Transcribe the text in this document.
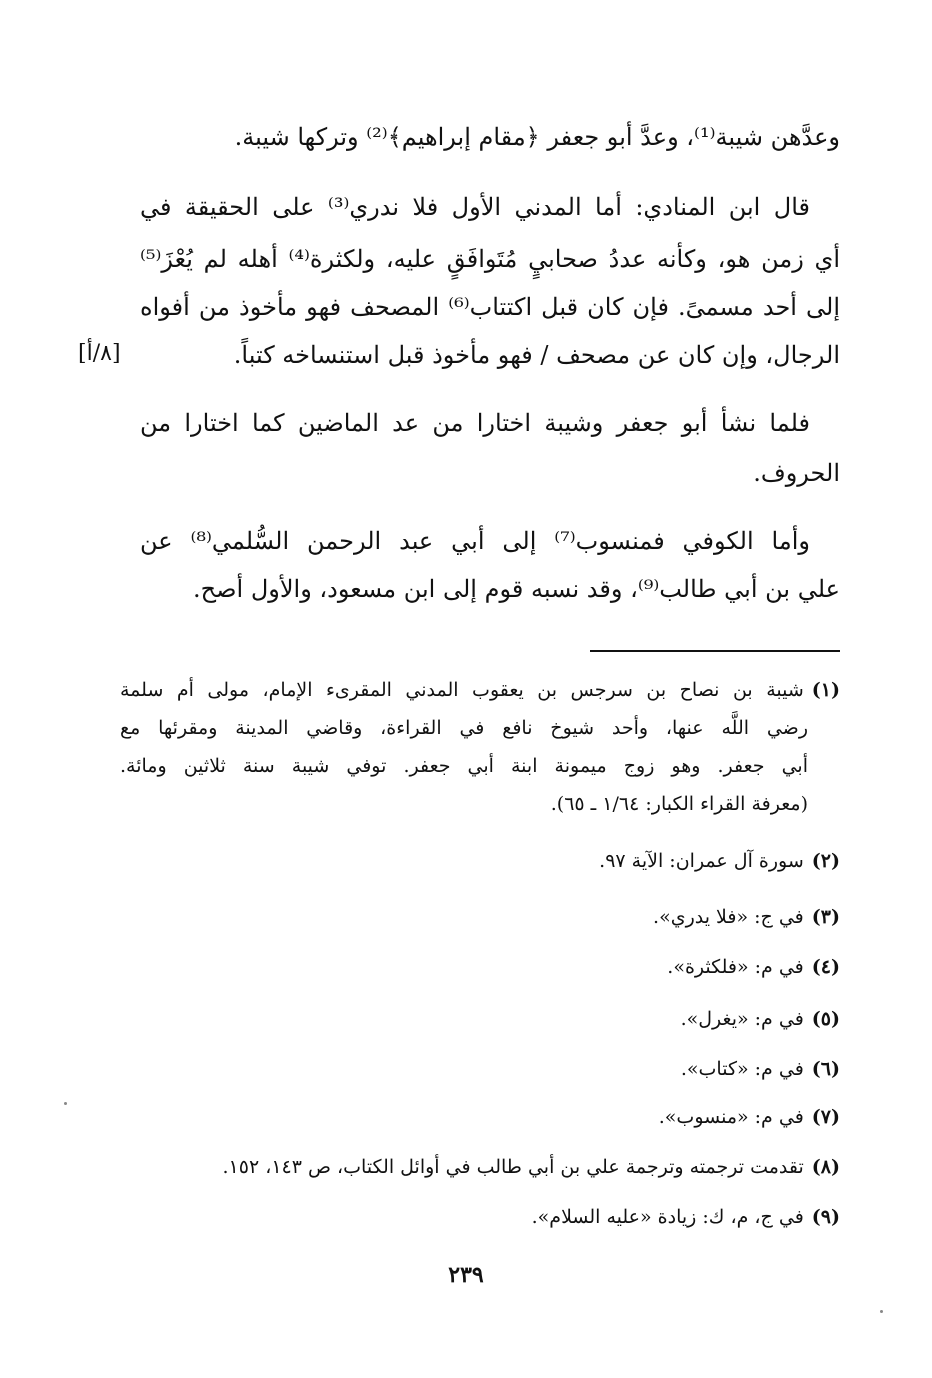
وعدَّهن شيبة⁽¹⁾، وعدَّ أبو جعفر ﴿مقام إبراهيم﴾⁽²⁾ وتركها شيبة.
قال ابن المنادي: أما المدني الأول فلا ندري⁽³⁾ على الحقيقة في
أي زمن هو، وكأنه عددُ صحابيٍ مُتَوافَقٍ عليه، ولكثرة⁽⁴⁾ أهله لم يُعْزَ⁽⁵⁾
إلى أحد مسمىً. فإن كان قبل اكتتاب⁽⁶⁾ المصحف فهو مأخوذ من أفواه
الرجال، وإن كان عن مصحف / فهو مأخوذ قبل استنساخه كتباً.
فلما نشأ أبو جعفر وشيبة اختارا من عد الماضين كما اختارا من
الحروف.
وأما الكوفي فمنسوب⁽⁷⁾ إلى أبي عبد الرحمن السُّلمي⁽⁸⁾ عن
علي بن أبي طالب⁽⁹⁾، وقد نسبه قوم إلى ابن مسعود، والأول أصح.
[٨/أ]
(١)شيبة بن نصاح بن سرجس بن يعقوب المدني المقرىء الإمام، مولى أم سلمة
رضي اللَّه عنها، وأحد شيوخ نافع في القراءة، وقاضي المدينة ومقرئها مع
أبي جعفر. وهو زوج ميمونة ابنة أبي جعفر. توفي شيبة سنة ثلاثين ومائة.
(معرفة القراء الكبار: ١/٦٤ ـ ٦٥).
(٢)سورة آل عمران: الآية ٩٧.
(٣)في ج: «فلا يدري».
(٤)في م: «فلكثرة».
(٥)في م: «يغرل».
(٦)في م: «كتاب».
(٧)في م: «منسوب».
(٨)تقدمت ترجمته وترجمة علي بن أبي طالب في أوائل الكتاب، ص ١٤٣، ١٥٢.
(٩)في ج، م، ك: زيادة «عليه السلام».
٢٣٩
